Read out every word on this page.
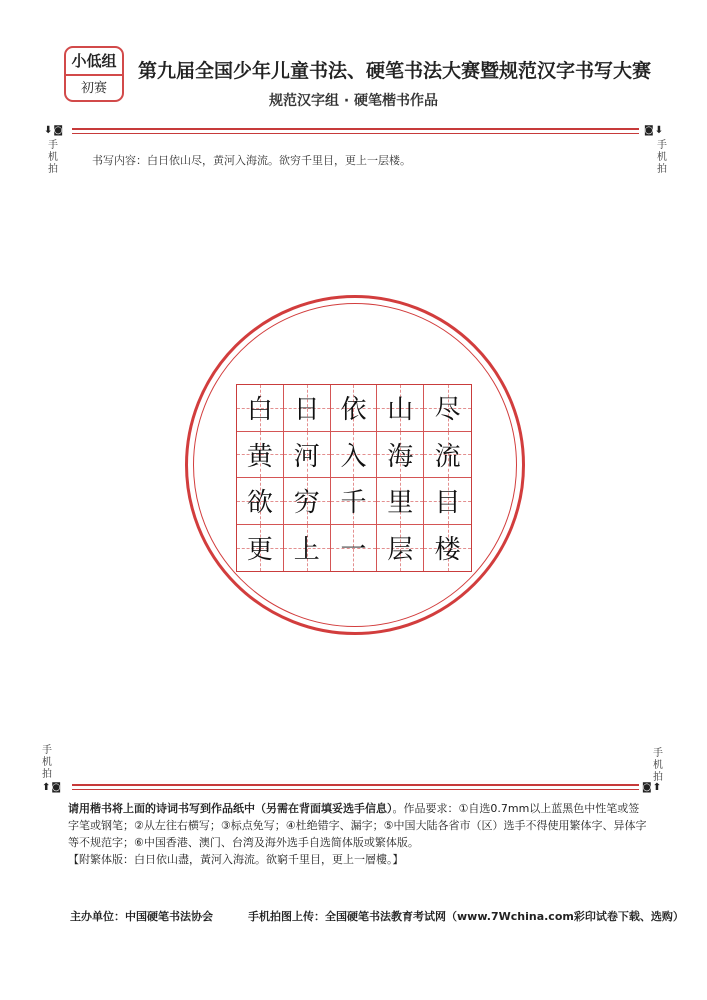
小低组
初赛
第九届全国少年儿童书法、硬笔书法大赛暨规范汉字书写大赛
规范汉字组 · 硬笔楷书作品
⬇◙
手机拍
◙⬇
手机拍
书写内容：白日依山尽，黄河入海流。欲穷千里目，更上一层楼。
白 日 依 山 尽
黄 河 入 海 流
欲 穷 千 里 目
更 上 一 层 楼
手机拍
⬆◙
手机拍
◙⬆
请用楷书将上面的诗词书写到作品纸中（另需在背面填妥选手信息）。作品要求：①自选0.7mm以上蓝黑色中性笔或签字笔或钢笔；②从左往右横写；③标点免写；④杜绝错字、漏字；⑤中国大陆各省市（区）选手不得使用繁体字、异体字等不规范字；⑥中国香港、澳门、台湾及海外选手自选简体版或繁体版。
【附繁体版：白日依山盡，黃河入海流。欲窮千里目，更上一層樓。】
主办单位：中国硬笔书法协会	手机拍图上传：全国硬笔书法教育考试网（www.7Wchina.com彩印试卷下载、选购）
